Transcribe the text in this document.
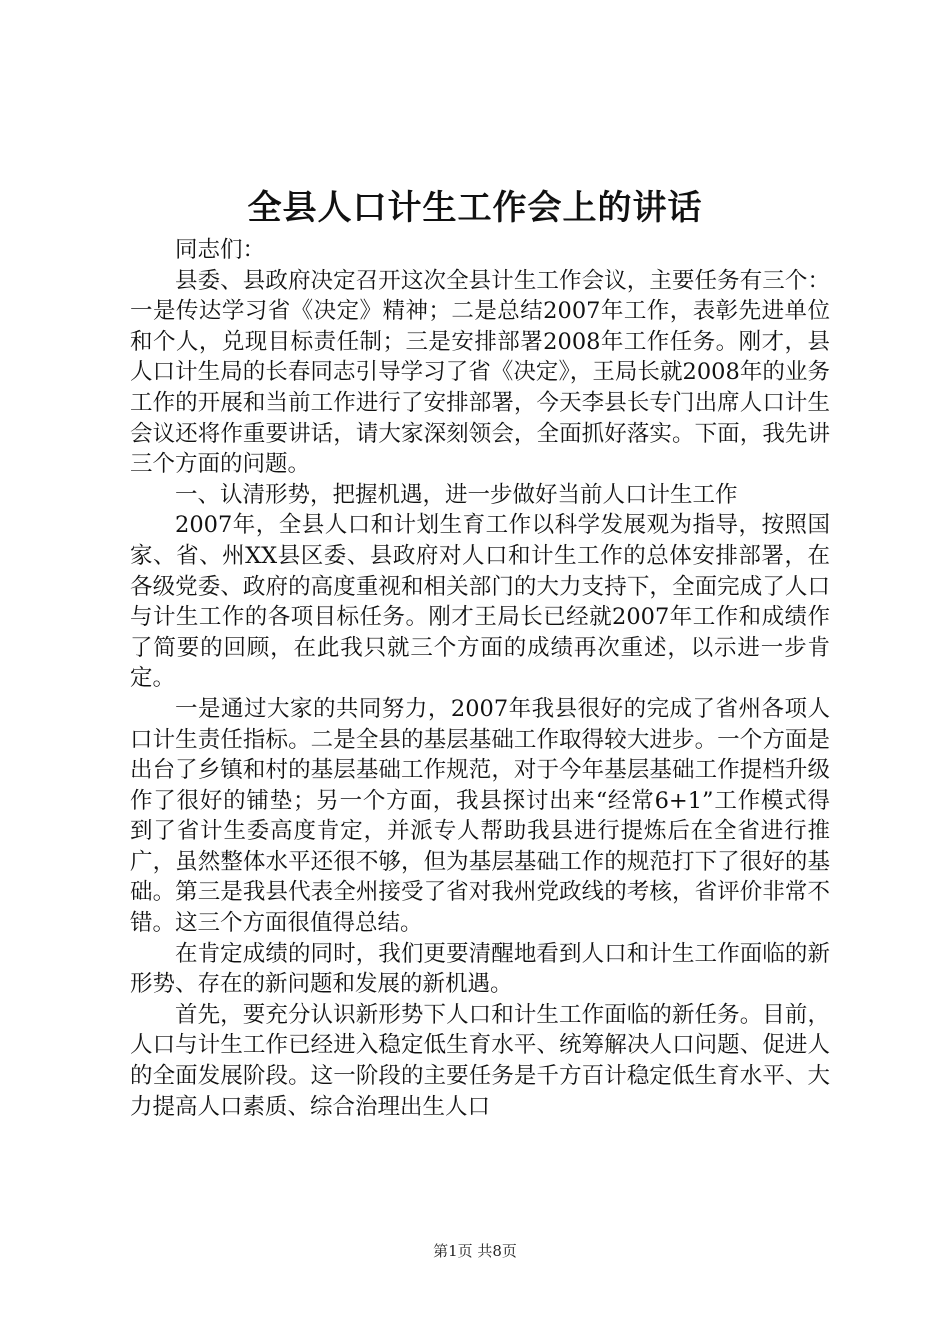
全县人口计生工作会上的讲话

同志们：

县委、县政府决定召开这次全县计生工作会议，主要任务有三个：一是传达学习省《决定》精神；二是总结2007年工作，表彰先进单位和个人，兑现目标责任制；三是安排部署2008年工作任务。刚才，县人口计生局的长春同志引导学习了省《决定》，王局长就2008年的业务工作的开展和当前工作进行了安排部署，今天李县长专门出席人口计生会议还将作重要讲话，请大家深刻领会，全面抓好落实。下面，我先讲三个方面的问题。

一、认清形势，把握机遇，进一步做好当前人口计生工作

2007年，全县人口和计划生育工作以科学发展观为指导，按照国家、省、州XX县区委、县政府对人口和计生工作的总体安排部署，在各级党委、政府的高度重视和相关部门的大力支持下，全面完成了人口与计生工作的各项目标任务。刚才王局长已经就2007年工作和成绩作了简要的回顾，在此我只就三个方面的成绩再次重述，以示进一步肯定。

一是通过大家的共同努力，2007年我县很好的完成了省州各项人口计生责任指标。二是全县的基层基础工作取得较大进步。一个方面是出台了乡镇和村的基层基础工作规范，对于今年基层基础工作提档升级作了很好的铺垫；另一个方面，我县探讨出来“经常6+1”工作模式得到了省计生委高度肯定，并派专人帮助我县进行提炼后在全省进行推广，虽然整体水平还很不够，但为基层基础工作的规范打下了很好的基础。第三是我县代表全州接受了省对我州党政线的考核，省评价非常不错。这三个方面很值得总结。

在肯定成绩的同时，我们更要清醒地看到人口和计生工作面临的新形势、存在的新问题和发展的新机遇。

首先，要充分认识新形势下人口和计生工作面临的新任务。目前，人口与计生工作已经进入稳定低生育水平、统筹解决人口问题、促进人的全面发展阶段。这一阶段的主要任务是千方百计稳定低生育水平、大力提高人口素质、综合治理出生人口

第1页 共8页
